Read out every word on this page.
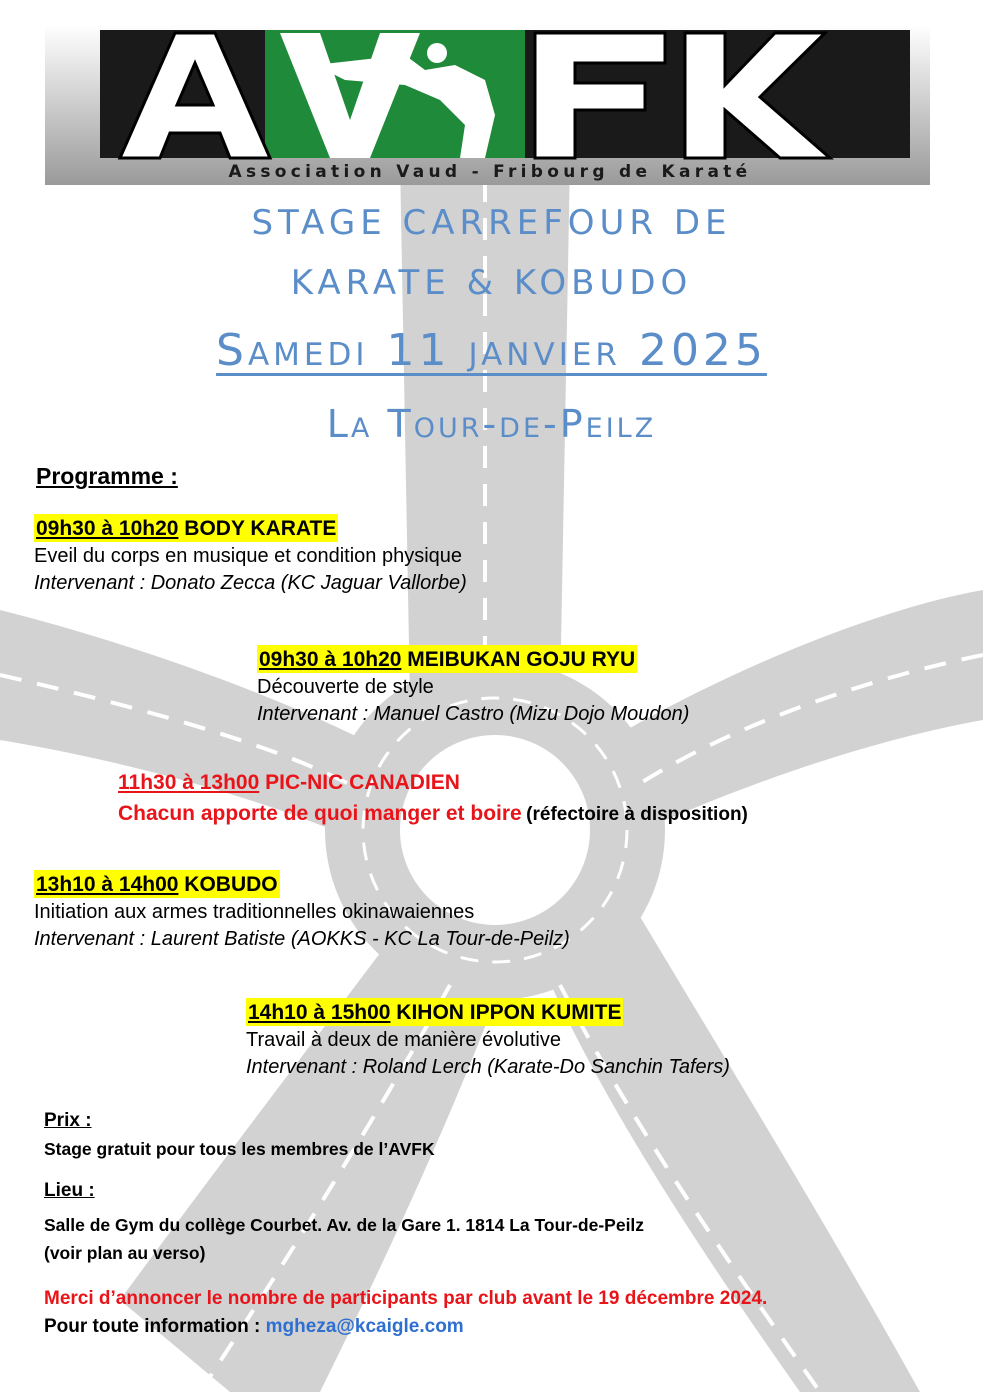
Association Vaud - Fribourg de Karaté
STAGE CARREFOUR DE
KARATE & KOBUDO
Samedi 11 janvier 2025
La Tour-de-Peilz
Programme :
09h30 à 10h20 BODY KARATE
Eveil du corps en musique et condition physique
Intervenant : Donato Zecca (KC Jaguar Vallorbe)
09h30 à 10h20 MEIBUKAN GOJU RYU
Découverte de style
Intervenant : Manuel Castro (Mizu Dojo Moudon)
11h30 à 13h00 PIC-NIC CANADIEN
Chacun apporte de quoi manger et boire (réfectoire à disposition)
13h10 à 14h00 KOBUDO
Initiation aux armes traditionnelles okinawaiennes
Intervenant : Laurent Batiste (AOKKS - KC La Tour-de-Peilz)
14h10 à 15h00 KIHON IPPON KUMITE
Travail à deux de manière évolutive
Intervenant : Roland Lerch (Karate-Do Sanchin Tafers)
Prix :
Stage gratuit pour tous les membres de l’AVFK
Lieu :
Salle de Gym du collège Courbet. Av. de la Gare 1. 1814 La Tour-de-Peilz
(voir plan au verso)
Merci d’annoncer le nombre de participants par club avant le 19 décembre 2024.
Pour toute information : mgheza@kcaigle.com
